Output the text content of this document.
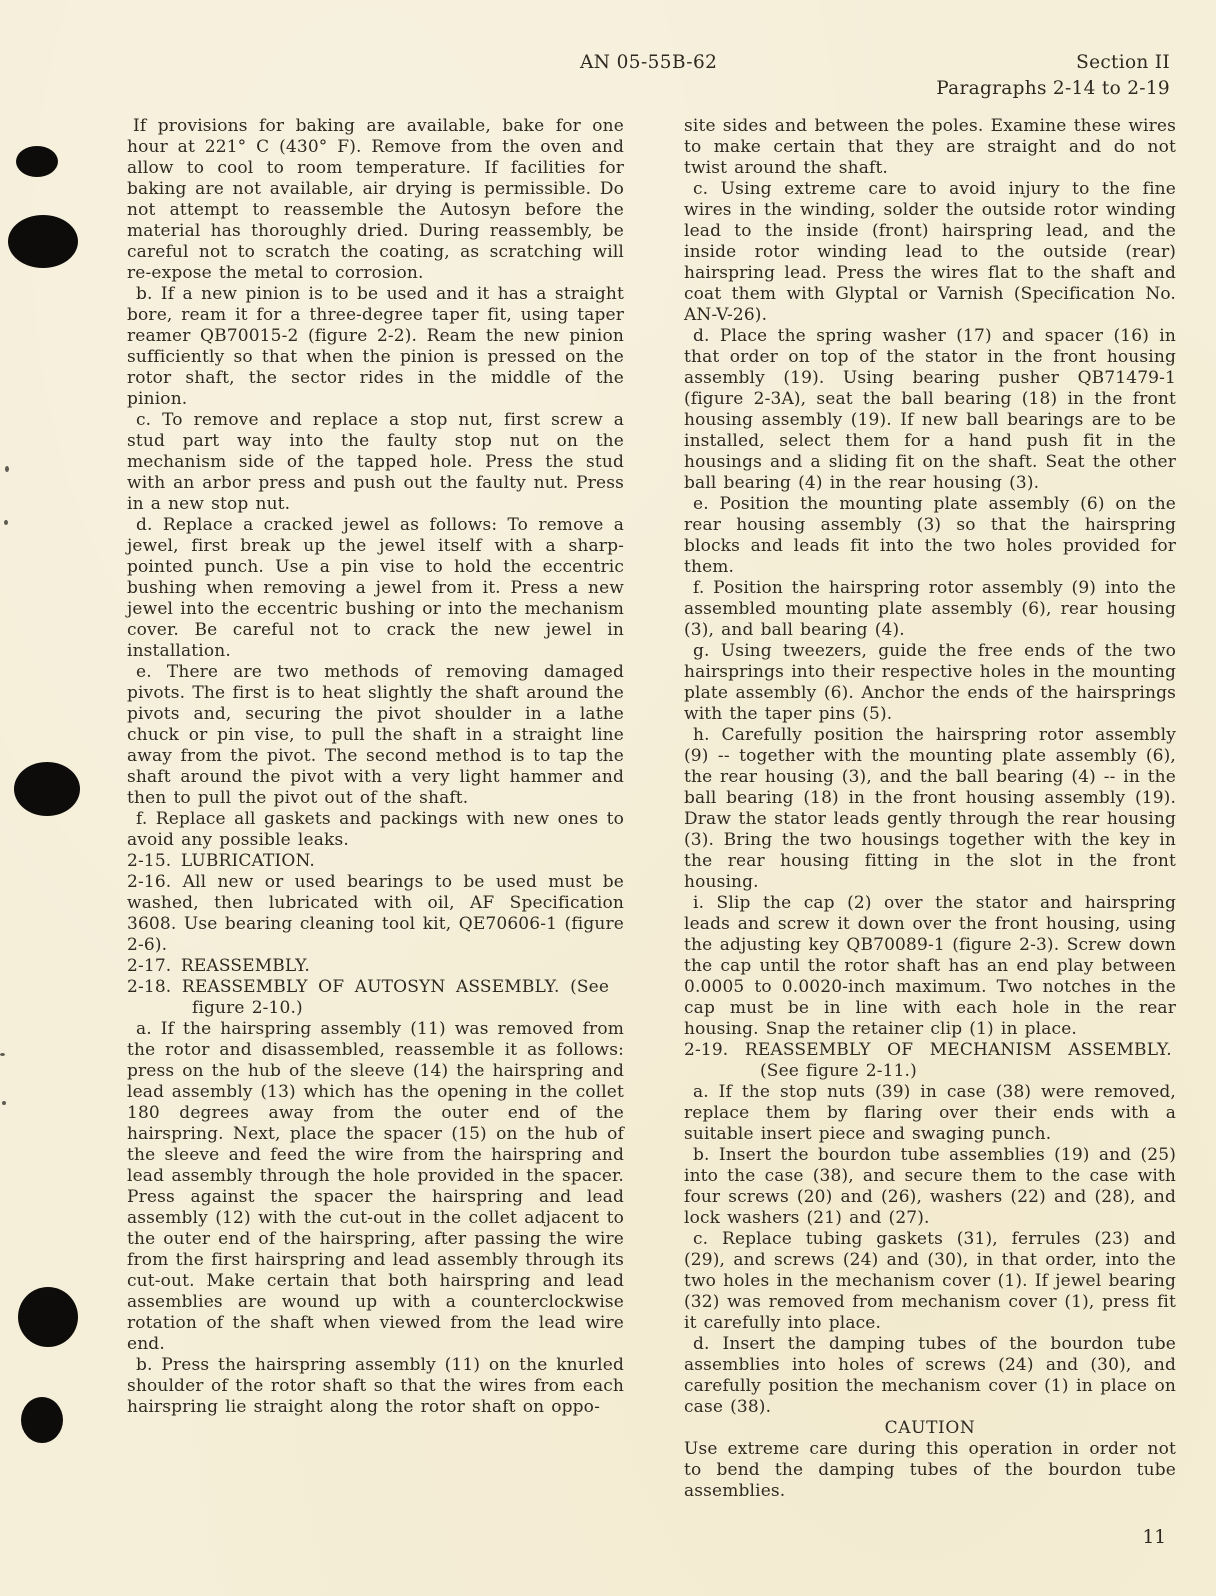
AN 05-55B-62	Section II
Paragraphs 2-14 to 2-19

If provisions for baking are available, bake for one hour at 221° C (430° F). Remove from the oven and allow to cool to room temperature. If facilities for baking are not available, air drying is permissible. Do not attempt to reassemble the Autosyn before the material has thoroughly dried. During reassembly, be careful not to scratch the coating, as scratching will re-expose the metal to corrosion.

b. If a new pinion is to be used and it has a straight bore, ream it for a three-degree taper fit, using taper reamer QB70015-2 (figure 2-2). Ream the new pinion sufficiently so that when the pinion is pressed on the rotor shaft, the sector rides in the middle of the pinion.

c. To remove and replace a stop nut, first screw a stud part way into the faulty stop nut on the mechanism side of the tapped hole. Press the stud with an arbor press and push out the faulty nut. Press in a new stop nut.

d. Replace a cracked jewel as follows: To remove a jewel, first break up the jewel itself with a sharp-pointed punch. Use a pin vise to hold the eccentric bushing when removing a jewel from it. Press a new jewel into the eccentric bushing or into the mechanism cover. Be careful not to crack the new jewel in installation.

e. There are two methods of removing damaged pivots. The first is to heat slightly the shaft around the pivots and, securing the pivot shoulder in a lathe chuck or pin vise, to pull the shaft in a straight line away from the pivot. The second method is to tap the shaft around the pivot with a very light hammer and then to pull the pivot out of the shaft.

f. Replace all gaskets and packings with new ones to avoid any possible leaks.

2-15. LUBRICATION.

2-16. All new or used bearings to be used must be washed, then lubricated with oil, AF Specification 3608. Use bearing cleaning tool kit, QE70606-1 (figure 2-6).

2-17. REASSEMBLY.

2-18. REASSEMBLY OF AUTOSYN ASSEMBLY. (See
figure 2-10.)

a. If the hairspring assembly (11) was removed from the rotor and disassembled, reassemble it as follows: press on the hub of the sleeve (14) the hairspring and lead assembly (13) which has the opening in the collet 180 degrees away from the outer end of the hairspring. Next, place the spacer (15) on the hub of the sleeve and feed the wire from the hairspring and lead assembly through the hole provided in the spacer. Press against the spacer the hairspring and lead assembly (12) with the cut-out in the collet adjacent to the outer end of the hairspring, after passing the wire from the first hairspring and lead assembly through its cut-out. Make certain that both hairspring and lead assemblies are wound up with a counterclockwise rotation of the shaft when viewed from the lead wire end.

b. Press the hairspring assembly (11) on the knurled shoulder of the rotor shaft so that the wires from each hairspring lie straight along the rotor shaft on oppo-

site sides and between the poles. Examine these wires to make certain that they are straight and do not twist around the shaft.

c. Using extreme care to avoid injury to the fine wires in the winding, solder the outside rotor winding lead to the inside (front) hairspring lead, and the inside rotor winding lead to the outside (rear) hairspring lead. Press the wires flat to the shaft and coat them with Glyptal or Varnish (Specification No. AN-V-26).

d. Place the spring washer (17) and spacer (16) in that order on top of the stator in the front housing assembly (19). Using bearing pusher QB71479-1 (figure 2-3A), seat the ball bearing (18) in the front housing assembly (19). If new ball bearings are to be installed, select them for a hand push fit in the housings and a sliding fit on the shaft. Seat the other ball bearing (4) in the rear housing (3).

e. Position the mounting plate assembly (6) on the rear housing assembly (3) so that the hairspring blocks and leads fit into the two holes provided for them.

f. Position the hairspring rotor assembly (9) into the assembled mounting plate assembly (6), rear housing (3), and ball bearing (4).

g. Using tweezers, guide the free ends of the two hairsprings into their respective holes in the mounting plate assembly (6). Anchor the ends of the hairsprings with the taper pins (5).

h. Carefully position the hairspring rotor assembly (9) -- together with the mounting plate assembly (6), the rear housing (3), and the ball bearing (4) -- in the ball bearing (18) in the front housing assembly (19). Draw the stator leads gently through the rear housing (3). Bring the two housings together with the key in the rear housing fitting in the slot in the front housing.

i. Slip the cap (2) over the stator and hairspring leads and screw it down over the front housing, using the adjusting key QB70089-1 (figure 2-3). Screw down the cap until the rotor shaft has an end play between 0.0005 to 0.0020-inch maximum. Two notches in the cap must be in line with each hole in the rear housing. Snap the retainer clip (1) in place.

2-19. REASSEMBLY OF MECHANISM ASSEMBLY.
(See figure 2-11.)

a. If the stop nuts (39) in case (38) were removed, replace them by flaring over their ends with a suitable insert piece and swaging punch.

b. Insert the bourdon tube assemblies (19) and (25) into the case (38), and secure them to the case with four screws (20) and (26), washers (22) and (28), and lock washers (21) and (27).

c. Replace tubing gaskets (31), ferrules (23) and (29), and screws (24) and (30), in that order, into the two holes in the mechanism cover (1). If jewel bearing (32) was removed from mechanism cover (1), press fit it carefully into place.

d. Insert the damping tubes of the bourdon tube assemblies into holes of screws (24) and (30), and carefully position the mechanism cover (1) in place on case (38).

CAUTION

Use extreme care during this operation in order not to bend the damping tubes of the bourdon tube assemblies.

11
